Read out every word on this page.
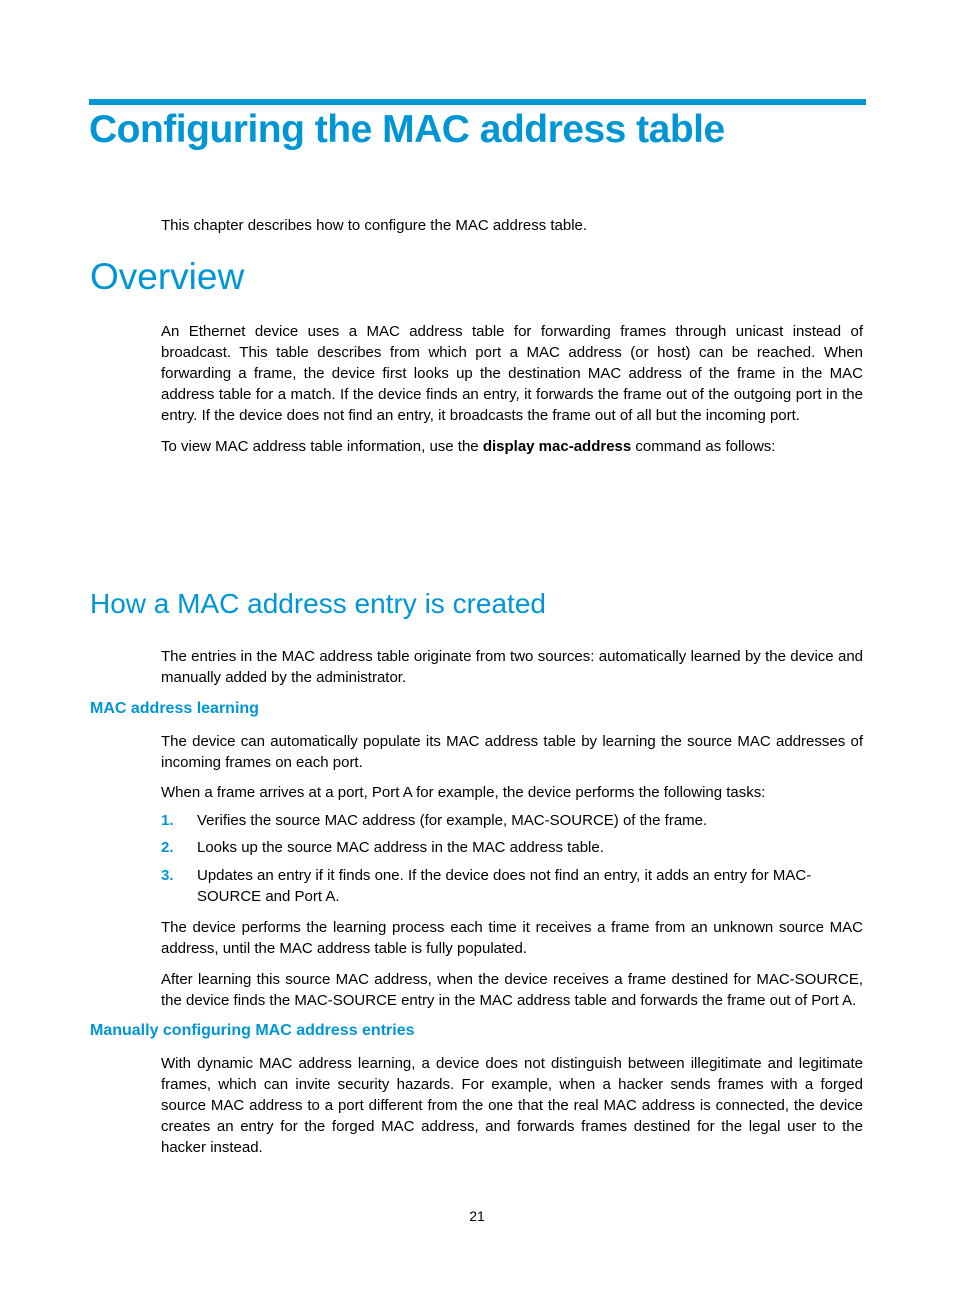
Configuring the MAC address table

This chapter describes how to configure the MAC address table.

Overview

An Ethernet device uses a MAC address table for forwarding frames through unicast instead of broadcast. This table describes from which port a MAC address (or host) can be reached. When forwarding a frame, the device first looks up the destination MAC address of the frame in the MAC address table for a match. If the device finds an entry, it forwards the frame out of the outgoing port in the entry. If the device does not find an entry, it broadcasts the frame out of all but the incoming port.

To view MAC address table information, use the display mac-address command as follows:

How a MAC address entry is created

The entries in the MAC address table originate from two sources: automatically learned by the device and manually added by the administrator.

MAC address learning

The device can automatically populate its MAC address table by learning the source MAC addresses of incoming frames on each port.

When a frame arrives at a port, Port A for example, the device performs the following tasks:

1. Verifies the source MAC address (for example, MAC-SOURCE) of the frame.
2. Looks up the source MAC address in the MAC address table.
3. Updates an entry if it finds one. If the device does not find an entry, it adds an entry for MAC-SOURCE and Port A.

The device performs the learning process each time it receives a frame from an unknown source MAC address, until the MAC address table is fully populated.

After learning this source MAC address, when the device receives a frame destined for MAC-SOURCE, the device finds the MAC-SOURCE entry in the MAC address table and forwards the frame out of Port A.

Manually configuring MAC address entries

With dynamic MAC address learning, a device does not distinguish between illegitimate and legitimate frames, which can invite security hazards. For example, when a hacker sends frames with a forged source MAC address to a port different from the one that the real MAC address is connected, the device creates an entry for the forged MAC address, and forwards frames destined for the legal user to the hacker instead.

21
